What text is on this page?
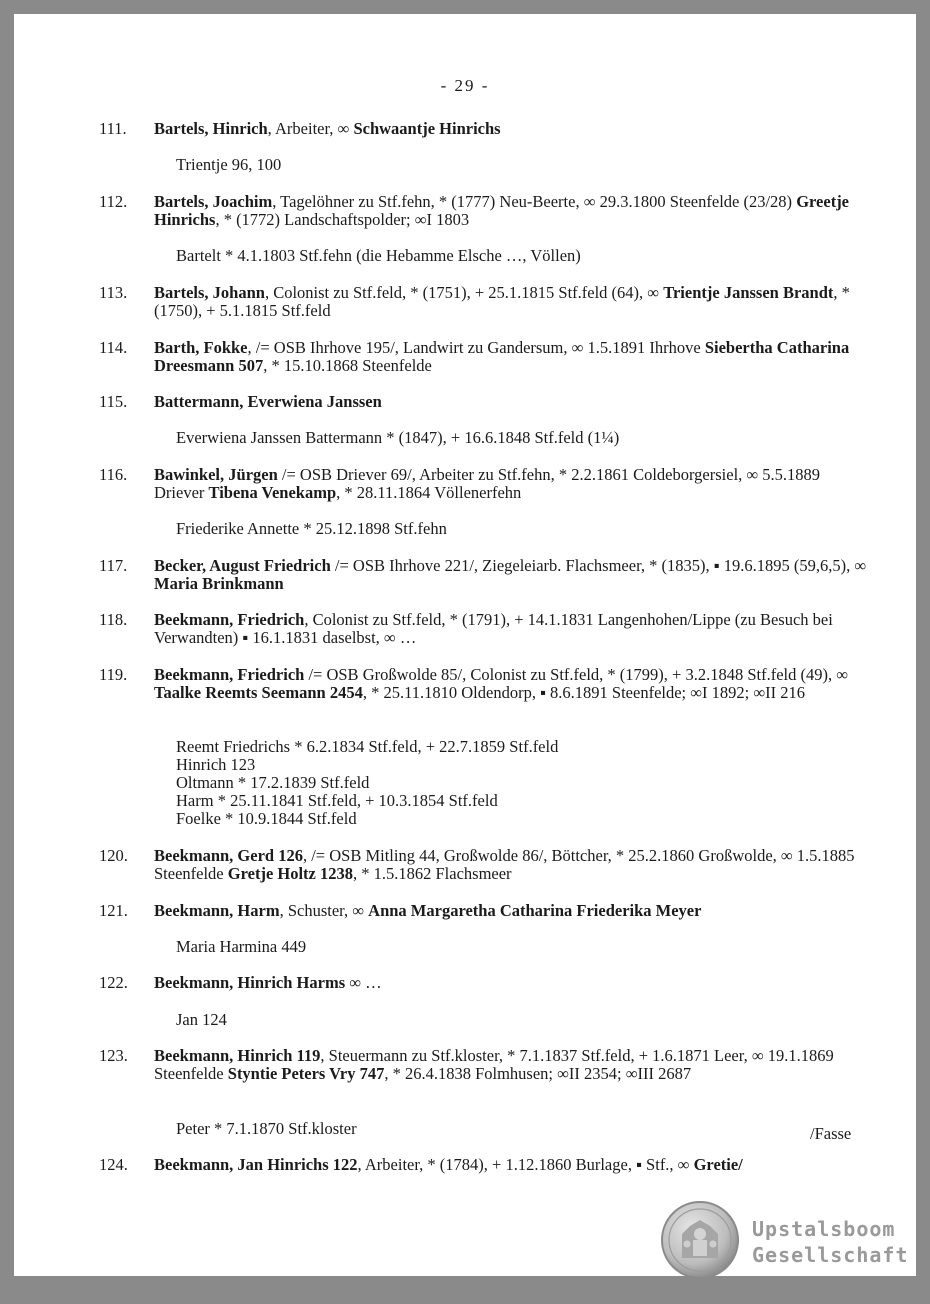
- 29 -
111. Bartels, Hinrich, Arbeiter, ∞ Schwaantje Hinrichs
Trientje 96, 100
112. Bartels, Joachim, Tagelöhner zu Stf.fehn, * (1777) Neu-Beerte, ∞ 29.3.1800 Steenfelde (23/28) Greetje Hinrichs, * (1772) Landschaftspolder; ∞I 1803
Bartelt * 4.1.1803 Stf.fehn (die Hebamme Elsche …, Völlen)
113. Bartels, Johann, Colonist zu Stf.feld, * (1751), + 25.1.1815 Stf.feld (64), ∞ Trientje Janssen Brandt, * (1750), + 5.1.1815 Stf.feld
114. Barth, Fokke, /= OSB Ihrhove 195/, Landwirt zu Gandersum, ∞ 1.5.1891 Ihrhove Siebertha Catharina Dreesmann 507, * 15.10.1868 Steenfelde
115. Battermann, Everwiena Janssen
Everwiena Janssen Battermann * (1847), + 16.6.1848 Stf.feld (1¼)
116. Bawinkel, Jürgen /= OSB Driever 69/, Arbeiter zu Stf.fehn, * 2.2.1861 Coldeborgersiel, ∞ 5.5.1889 Driever Tibena Venekamp, * 28.11.1864 Völlenerfehn
Friederike Annette * 25.12.1898 Stf.fehn
117. Becker, August Friedrich /= OSB Ihrhove 221/, Ziegeleiarb. Flachsmeer, * (1835), ▪ 19.6.1895 (59,6,5), ∞ Maria Brinkmann
118. Beekmann, Friedrich, Colonist zu Stf.feld, * (1791), + 14.1.1831 Langenhohen/Lippe (zu Besuch bei Verwandten) ▪ 16.1.1831 daselbst, ∞ …
119. Beekmann, Friedrich /= OSB Großwolde 85/, Colonist zu Stf.feld, * (1799), + 3.2.1848 Stf.feld (49), ∞ Taalke Reemts Seemann 2454, * 25.11.1810 Oldendorp, ▪ 8.6.1891 Steenfelde; ∞I 1892; ∞II 216
Reemt Friedrichs * 6.2.1834 Stf.feld, + 22.7.1859 Stf.feld
Hinrich 123
Oltmann * 17.2.1839 Stf.feld
Harm * 25.11.1841 Stf.feld, + 10.3.1854 Stf.feld
Foelke * 10.9.1844 Stf.feld
120. Beekmann, Gerd 126, /= OSB Mitling 44, Großwolde 86/, Böttcher, * 25.2.1860 Großwolde, ∞ 1.5.1885 Steenfelde Gretje Holtz 1238, * 1.5.1862 Flachsmeer
121. Beekmann, Harm, Schuster, ∞ Anna Margaretha Catharina Friederika Meyer
Maria Harmina 449
122. Beekmann, Hinrich Harms ∞ …
Jan 124
123. Beekmann, Hinrich 119, Steuermann zu Stf.kloster, * 7.1.1837 Stf.feld, + 1.6.1871 Leer, ∞ 19.1.1869 Steenfelde Styntie Peters Vry 747, * 26.4.1838 Folmhusen; ∞II 2354; ∞III 2687
Peter * 7.1.1870 Stf.kloster	/Fasse
124. Beekmann, Jan Hinrichs 122, Arbeiter, * (1784), + 1.12.1860 Burlage, ▪ Stf., ∞ Gretie/
Upstalsboom
Gesellschaft
